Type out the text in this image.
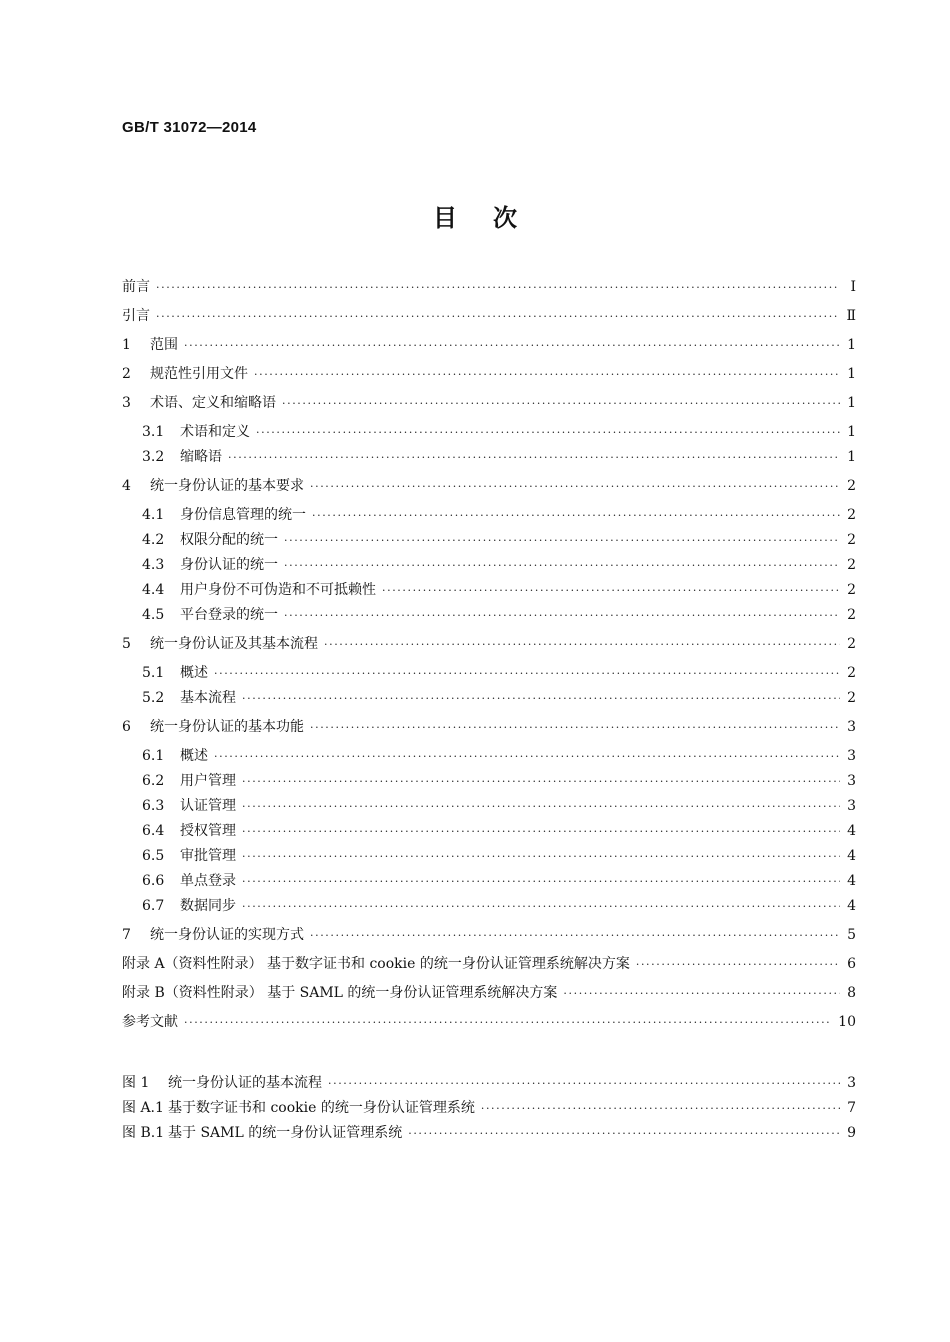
GB/T 31072—2014
目次
前言 ·····	Ⅰ
引言 ·····	Ⅱ
1	范围 ·····	1
2	规范性引用文件 ·····	1
3	术语、定义和缩略语 ·····	1
3.1	术语和定义 ·····	1
3.2	缩略语 ·····	1
4	统一身份认证的基本要求 ·····	2
4.1	身份信息管理的统一 ·····	2
4.2	权限分配的统一 ·····	2
4.3	身份认证的统一 ·····	2
4.4	用户身份不可伪造和不可抵赖性 ·····	2
4.5	平台登录的统一 ·····	2
5	统一身份认证及其基本流程 ·····	2
5.1	概述 ·····	2
5.2	基本流程 ·····	2
6	统一身份认证的基本功能 ·····	3
6.1	概述 ·····	3
6.2	用户管理 ·····	3
6.3	认证管理 ·····	3
6.4	授权管理 ·····	4
6.5	审批管理 ·····	4
6.6	单点登录 ·····	4
6.7	数据同步 ·····	4
7	统一身份认证的实现方式 ·····	5
附录 A（资料性附录） 基于数字证书和 cookie 的统一身份认证管理系统解决方案 ·····	6
附录 B（资料性附录） 基于 SAML 的统一身份认证管理系统解决方案 ·····	8
参考文献 ·····	10
图 1	统一身份认证的基本流程 ·····	3
图 A.1 基于数字证书和 cookie 的统一身份认证管理系统 ·····	7
图 B.1 基于 SAML 的统一身份认证管理系统 ·····	9
